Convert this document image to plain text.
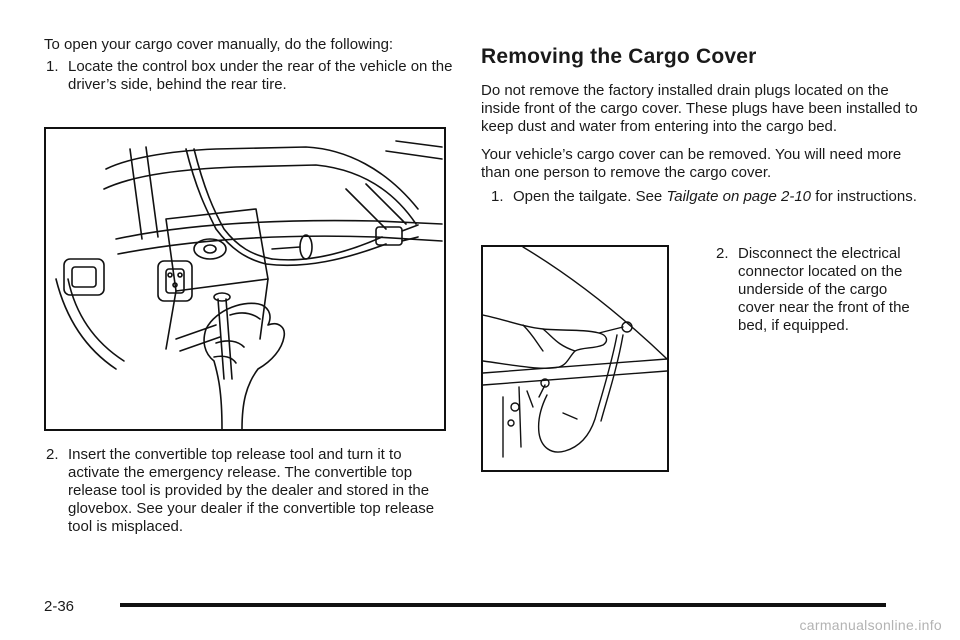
To open your cargo cover manually, do the following:

1. Locate the control box under the rear of the vehicle on the driver’s side, behind the rear tire.
2. Insert the convertible top release tool and turn it to activate the emergency release. The convertible top release tool is provided by the dealer and stored in the glovebox. See your dealer if the convertible top release tool is misplaced.
Removing the Cargo Cover

Do not remove the factory installed drain plugs located on the inside front of the cargo cover. These plugs have been installed to keep dust and water from entering into the cargo bed.

Your vehicle’s cargo cover can be removed. You will need more than one person to remove the cargo cover.

1. Open the tailgate. See Tailgate on page 2-10 for instructions.
2. Disconnect the electrical connector located on the underside of the cargo cover near the front of the bed, if equipped.
2-36
carmanualsonline.info
